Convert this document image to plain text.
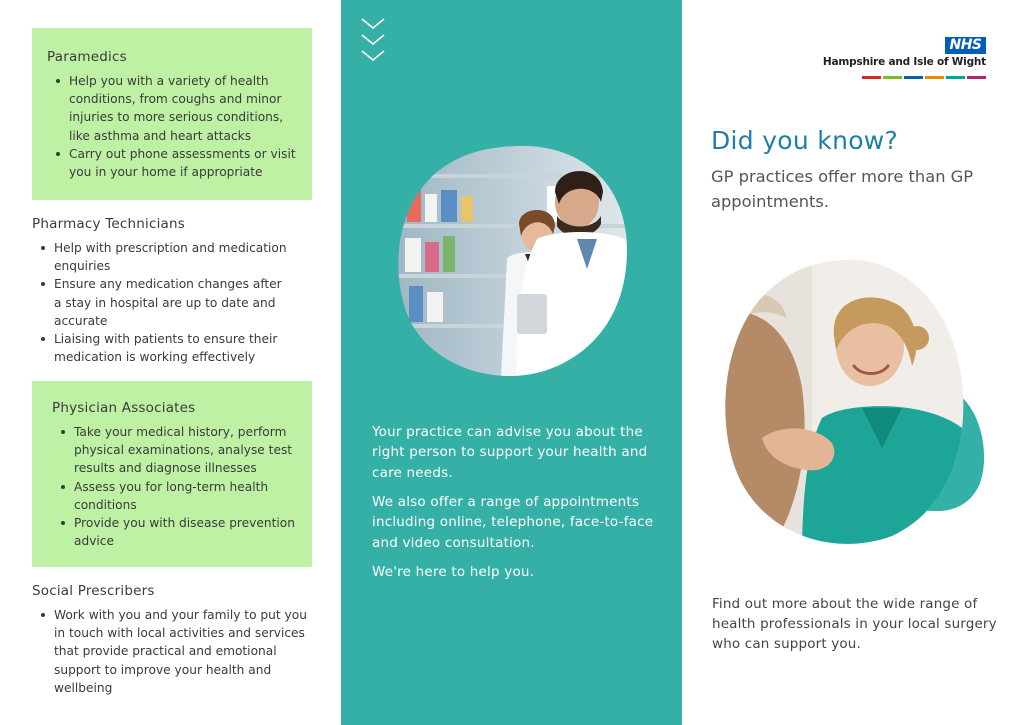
Paramedics
Help you with a variety of health conditions, from coughs and minor injuries to more serious conditions, like asthma and heart attacks
Carry out phone assessments or visit you in your home if appropriate
Pharmacy Technicians
Help with prescription and medication enquiries
Ensure any medication changes after a stay in hospital are up to date and accurate
Liaising with patients to ensure their medication is working effectively
Physician Associates
Take your medical history, perform physical examinations, analyse test results and diagnose illnesses
Assess you for long-term health conditions
Provide you with disease prevention advice
Social Prescribers
Work with you and your family to put you in touch with local activities and services that provide practical and emotional support to improve your health and wellbeing
Your practice can advise you about the right person to support your health and care needs.
We also offer a range of appointments including online, telephone, face-to-face and video consultation.
We're here to help you.
NHS
Hampshire and Isle of Wight
Did you know?
GP practices offer more than GP appointments.
Find out more about the wide range of health professionals in your local surgery who can support you.
